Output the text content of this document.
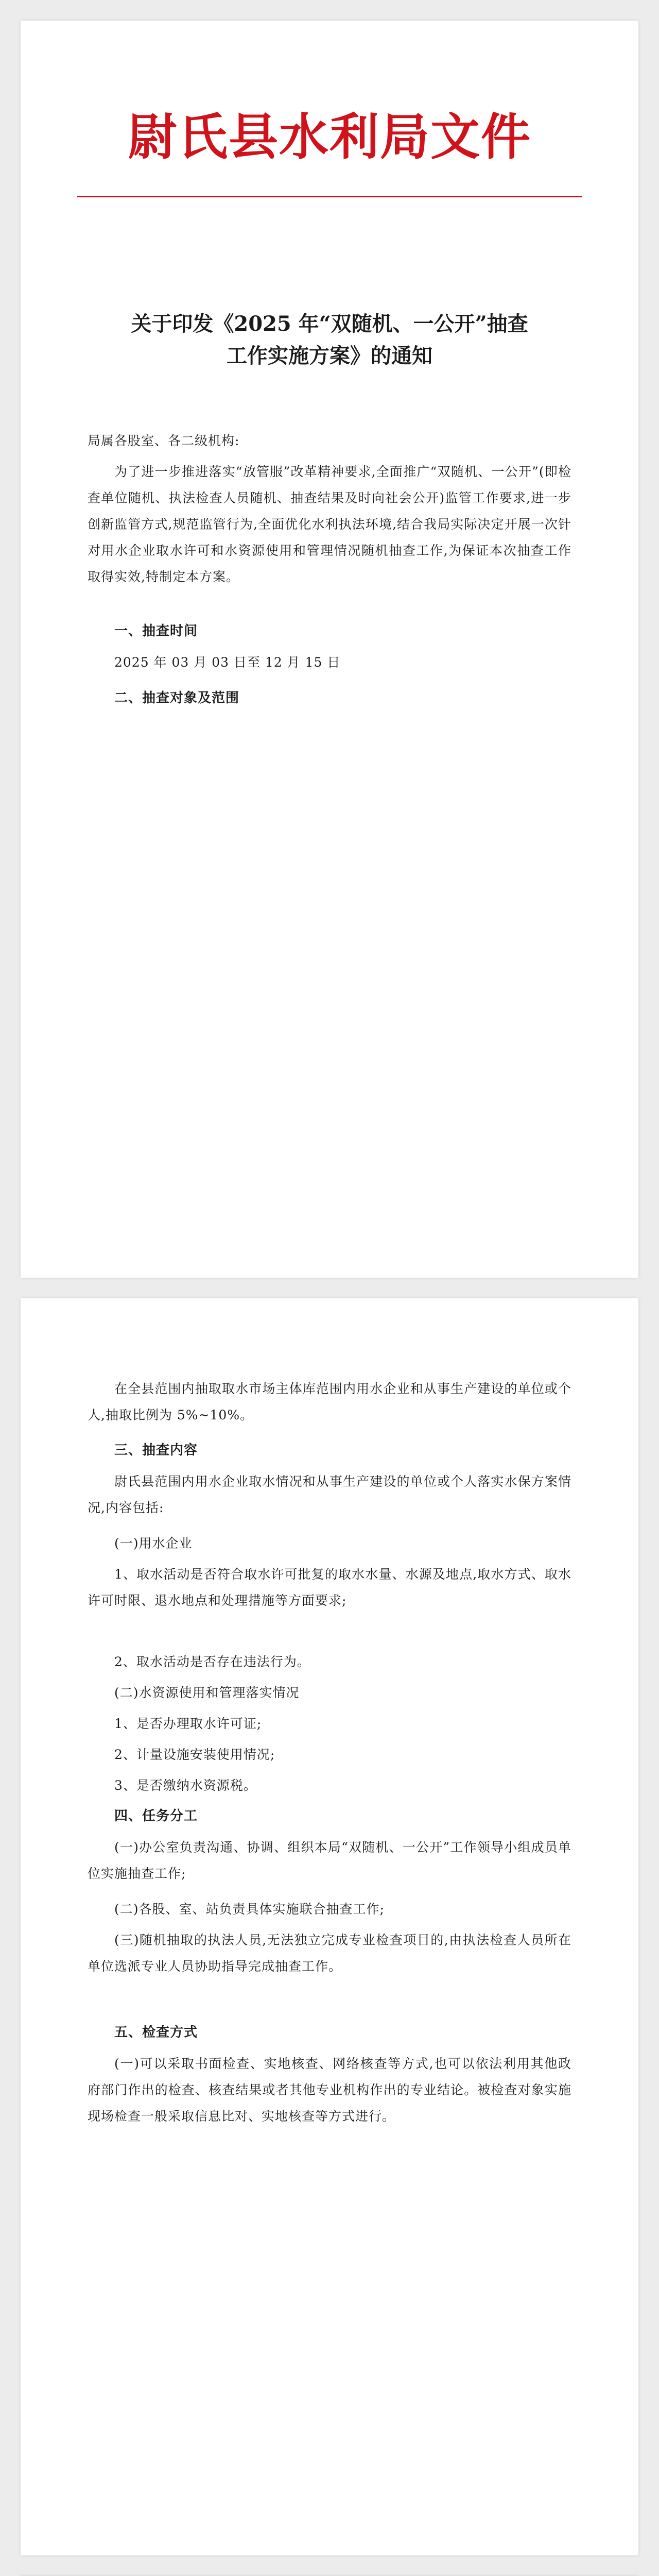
尉氏县水利局文件
关于印发《2025 年“双随机、一公开”抽查
工作实施方案》的通知

局属各股室、各二级机构:

为了进一步推进落实“放管服”改革精神要求,全面推广“双随机、一公开”(即检查单位随机、执法检查人员随机、抽查结果及时向社会公开)监管工作要求,进一步创新监管方式,规范监管行为,全面优化水利执法环境,结合我局实际决定开展一次针对用水企业取水许可和水资源使用和管理情况随机抽查工作,为保证本次抽查工作取得实效,特制定本方案。

一、抽查时间

2025 年 03 月 03 日至 12 月 15 日

二、抽查对象及范围

在全县范围内抽取取水市场主体库范围内用水企业和从事生产建设的单位或个人,抽取比例为 5%~10%。

三、抽查内容

尉氏县范围内用水企业取水情况和从事生产建设的单位或个人落实水保方案情况,内容包括:

(一)用水企业

1、取水活动是否符合取水许可批复的取水水量、水源及地点,取水方式、取水许可时限、退水地点和处理措施等方面要求;

2、取水活动是否存在违法行为。

(二)水资源使用和管理落实情况

1、是否办理取水许可证;

2、计量设施安装使用情况;

3、是否缴纳水资源税。

四、任务分工

(一)办公室负责沟通、协调、组织本局“双随机、一公开”工作领导小组成员单位实施抽查工作;

(二)各股、室、站负责具体实施联合抽查工作;

(三)随机抽取的执法人员,无法独立完成专业检查项目的,由执法检查人员所在单位选派专业人员协助指导完成抽查工作。

五、检查方式

(一)可以采取书面检查、实地核查、网络核查等方式,也可以依法利用其他政府部门作出的检查、核查结果或者其他专业机构作出的专业结论。被检查对象实施现场检查一般采取信息比对、实地核查等方式进行。
